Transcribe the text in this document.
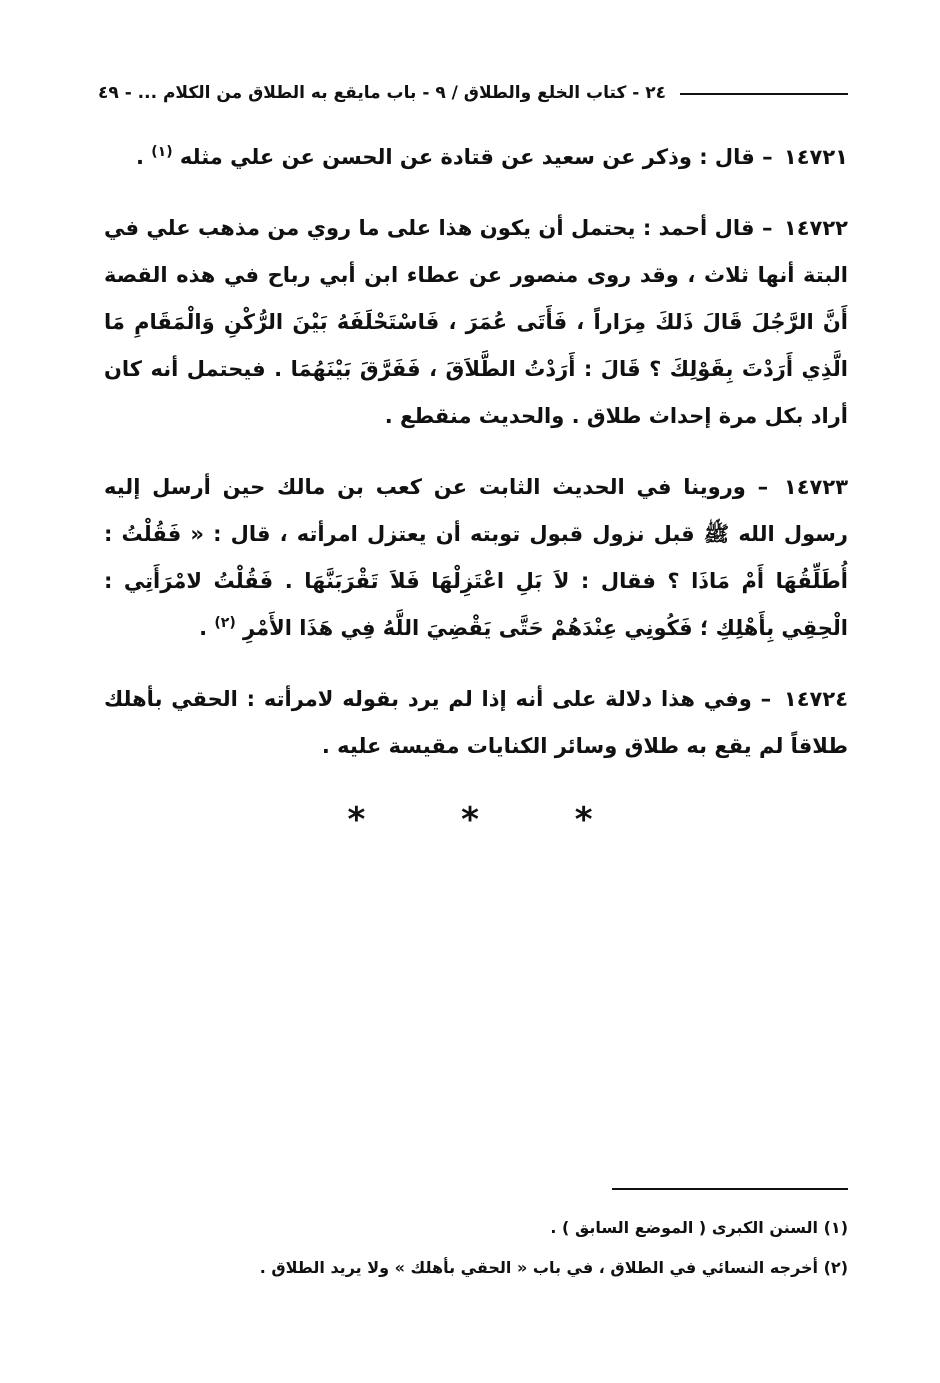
٢٤ - كتاب الخلع والطلاق / ٩ - باب مايقع به الطلاق من الكلام ... - ٤٩

١٤٧٢١ – قال : وذكر عن سعيد عن قتادة عن الحسن عن علي مثله $^{(١)}$ .

١٤٧٢٢ – قال أحمد : يحتمل أن يكون هذا على ما روي من مذهب علي في البتة أنها ثلاث ، وقد روى منصور عن عطاء ابن أبي رباح في هذه القصة أَنَّ الرَّجُلَ قَالَ ذَلكَ مِرَاراً ، فَأَتَى عُمَرَ ، فَاسْتَحْلَفَهُ بَيْنَ الرُّكْنِ وَالْمَقَامِ مَا الَّذِي أَرَدْتَ بِقَوْلِكَ ؟ قَالَ : أَرَدْتُ الطَّلاَقَ ، فَفَرَّقَ بَيْنَهُمَا . فيحتمل أنه كان أراد بكل مرة إحداث طلاق . والحديث منقطع .

١٤٧٢٣ – وروينا في الحديث الثابت عن كعب بن مالك حين أرسل إليه رسول الله ﷺ قبل نزول قبول توبته أن يعتزل امرأته ، قال : « فَقُلْتُ : أُطَلِّقُهَا أَمْ مَاذَا ؟ فقال : لاَ بَلِ اعْتَزِلْهَا فَلاَ تَقْرَبَنَّهَا . فَقُلْتُ لامْرَأَتِي : الْحِقِي بِأَهْلِكِ ؛ فَكُونِي عِنْدَهُمْ حَتَّى يَقْضِيَ اللَّهُ فِي هَذَا الأَمْرِ $^{(٢)}$ .

١٤٧٢٤ – وفي هذا دلالة على أنه إذا لم يرد بقوله لامرأته : الحقي بأهلك طلاقاً لم يقع به طلاق وسائر الكنايات مقيسة عليه .

* * *

(١) السنن الكبرى ( الموضع السابق ) .

(٢) أخرجه النسائي في الطلاق ، في باب « الحقي بأهلك » ولا يريد الطلاق .
